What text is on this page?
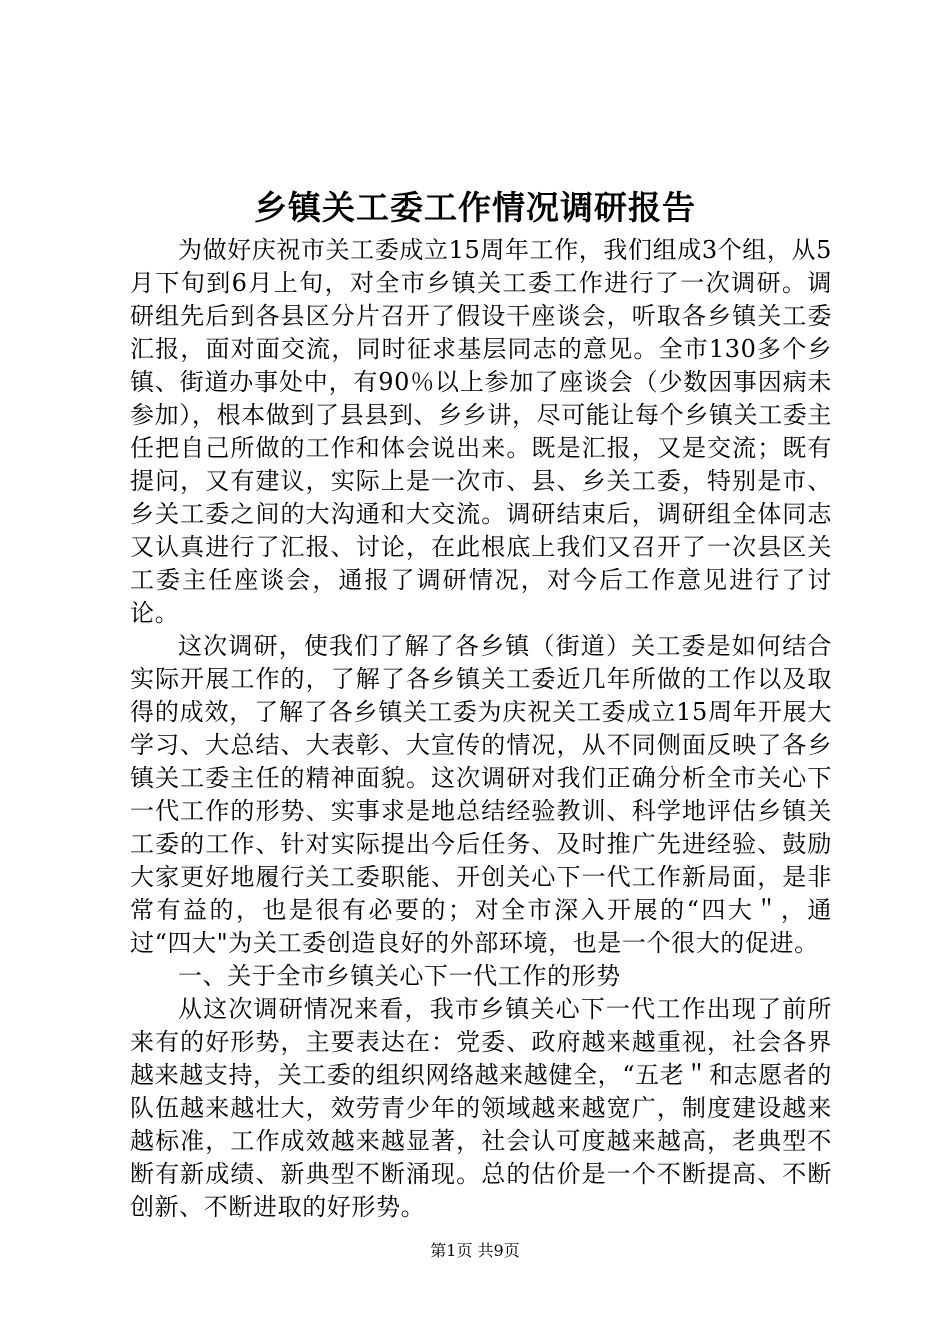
乡镇关工委工作情况调研报告

为做好庆祝市关工委成立15周年工作，我们组成3个组，从5月下旬到6月上旬，对全市乡镇关工委工作进行了一次调研。调研组先后到各县区分片召开了假设干座谈会，听取各乡镇关工委汇报，面对面交流，同时征求基层同志的意见。全市130多个乡镇、街道办事处中，有90％以上参加了座谈会（少数因事因病未参加），根本做到了县县到、乡乡讲，尽可能让每个乡镇关工委主任把自己所做的工作和体会说出来。既是汇报，又是交流；既有提问，又有建议，实际上是一次市、县、乡关工委，特别是市、乡关工委之间的大沟通和大交流。调研结束后，调研组全体同志又认真进行了汇报、讨论，在此根底上我们又召开了一次县区关工委主任座谈会，通报了调研情况，对今后工作意见进行了讨论。

这次调研，使我们了解了各乡镇（街道）关工委是如何结合实际开展工作的，了解了各乡镇关工委近几年所做的工作以及取得的成效，了解了各乡镇关工委为庆祝关工委成立15周年开展大学习、大总结、大表彰、大宣传的情况，从不同侧面反映了各乡镇关工委主任的精神面貌。这次调研对我们正确分析全市关心下一代工作的形势、实事求是地总结经验教训、科学地评估乡镇关工委的工作、针对实际提出今后任务、及时推广先进经验、鼓励大家更好地履行关工委职能、开创关心下一代工作新局面，是非常有益的，也是很有必要的；对全市深入开展的“四大＂，通过“四大"为关工委创造良好的外部环境，也是一个很大的促进。

一、关于全市乡镇关心下一代工作的形势

从这次调研情况来看，我市乡镇关心下一代工作出现了前所来有的好形势，主要表达在：党委、政府越来越重视，社会各界越来越支持，关工委的组织网络越来越健全，“五老＂和志愿者的队伍越来越壮大，效劳青少年的领域越来越宽广，制度建设越来越标准，工作成效越来越显著，社会认可度越来越高，老典型不断有新成绩、新典型不断涌现。总的估价是一个不断提高、不断创新、不断进取的好形势。

第1页 共9页
